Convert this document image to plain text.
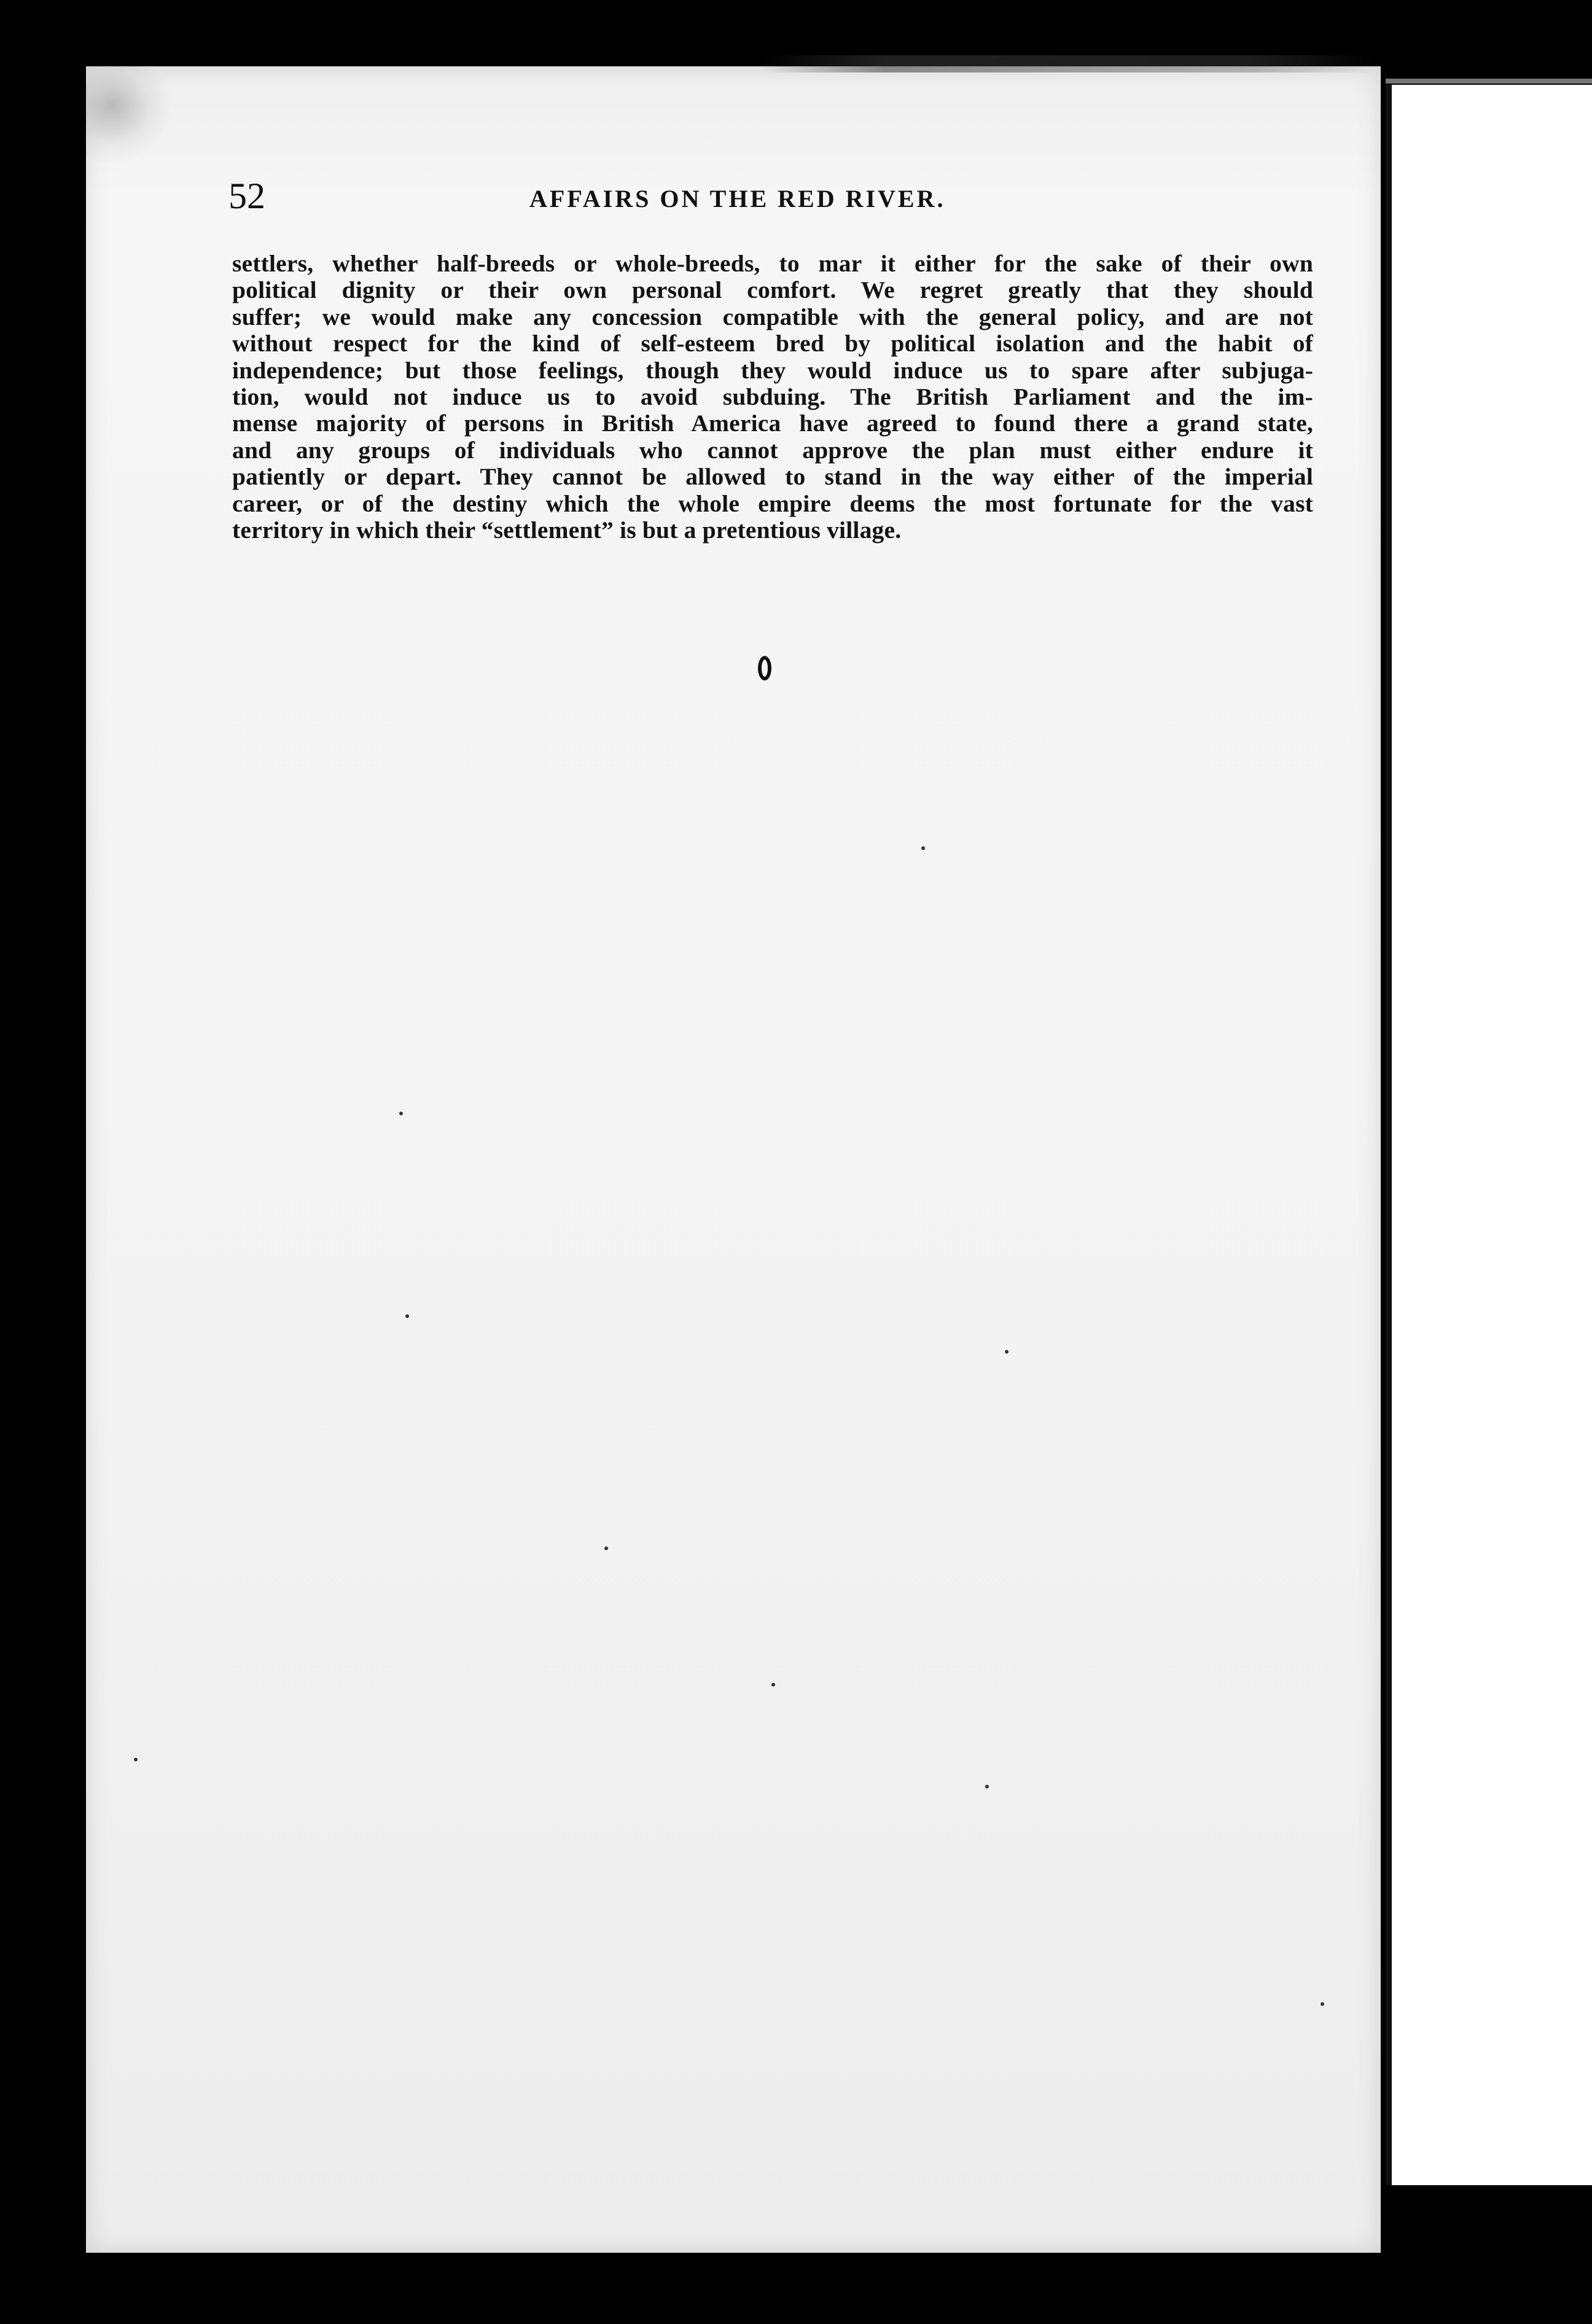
52	AFFAIRS ON THE RED RIVER.

settlers, whether half-breeds or whole-breeds, to mar it either for the sake of their own
political dignity or their own personal comfort. We regret greatly that they should
suffer; we would make any concession compatible with the general policy, and are not
without respect for the kind of self-esteem bred by political isolation and the habit of
independence; but those feelings, though they would induce us to spare after subjuga-
tion, would not induce us to avoid subduing. The British Parliament and the im-
mense majority of persons in British America have agreed to found there a grand state,
and any groups of individuals who cannot approve the plan must either endure it
patiently or depart. They cannot be allowed to stand in the way either of the imperial
career, or of the destiny which the whole empire deems the most fortunate for the vast
territory in which their “settlement” is but a pretentious village.
